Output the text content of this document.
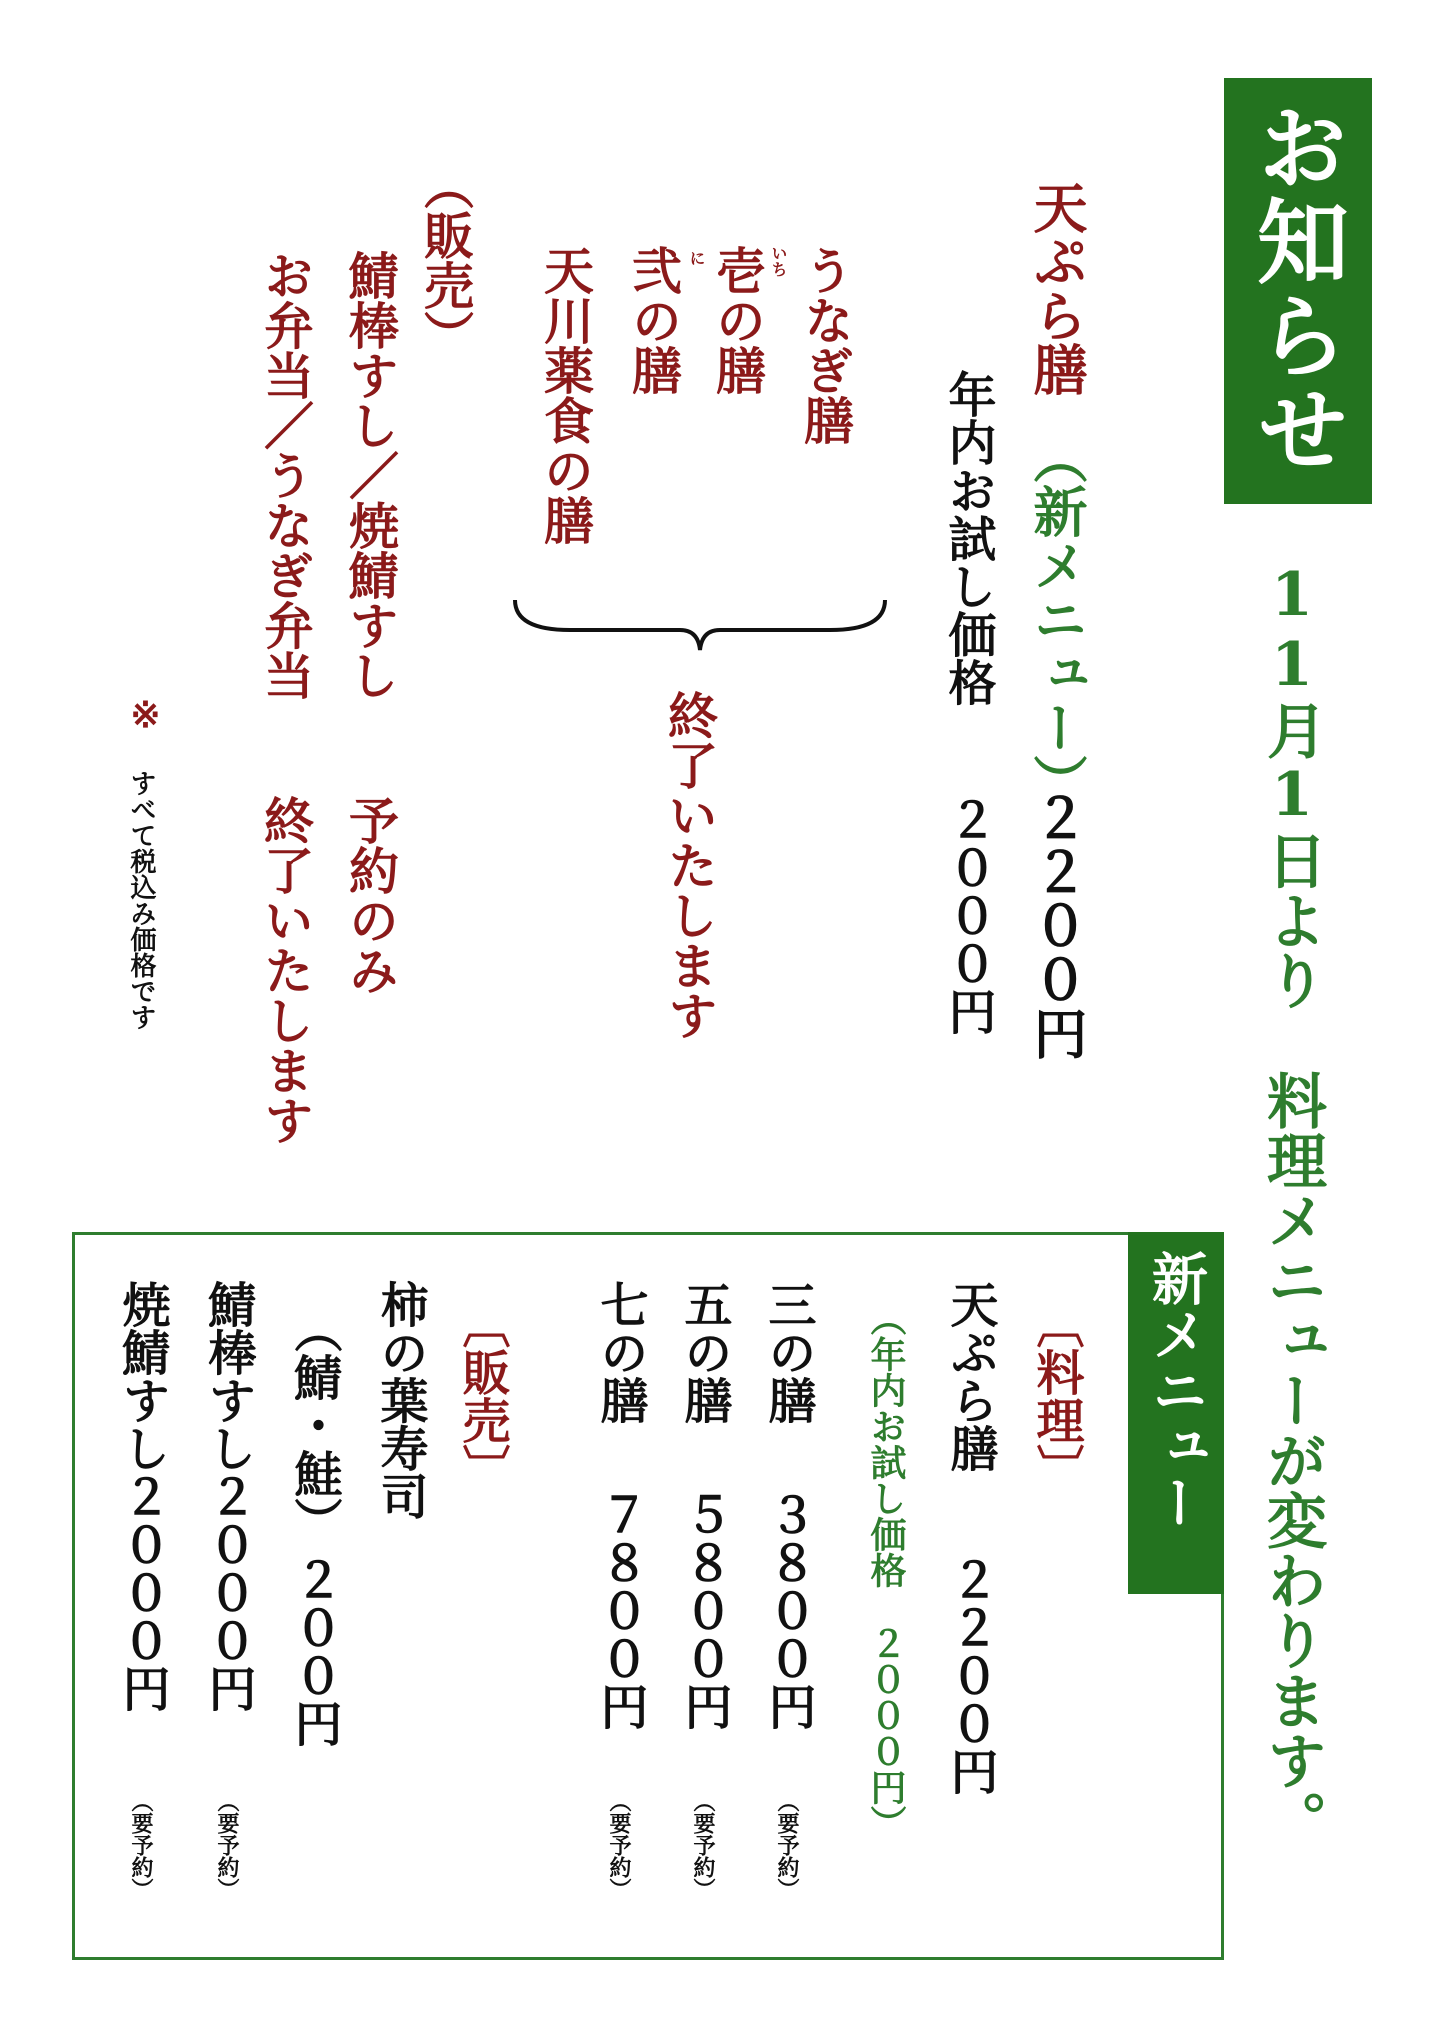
お知らせ
11月1日より　料理メニューが変わります。
天ぷら膳
（新メニュー）
２２００円
年内お試し価格
２０００円
うなぎ膳
いち
壱の膳
に
弐の膳
天川薬食の膳
終了いたします
（販売）
鯖棒すし／焼鯖すし
予約のみ
お弁当／うなぎ弁当
終了いたします
※
すべて税込み価格です
新メニュー
〔料理〕
天ぷら膳
２２００円
（年内お試し価格
２０００円）
三の膳
３８００円
（要予約）
五の膳
５８００円
（要予約）
七の膳
７８００円
（要予約）
〔販売〕
柿の葉寿司
（鯖・鮭）
２００円
鯖棒すし２０００円
（要予約）
焼鯖すし２０００円
（要予約）
